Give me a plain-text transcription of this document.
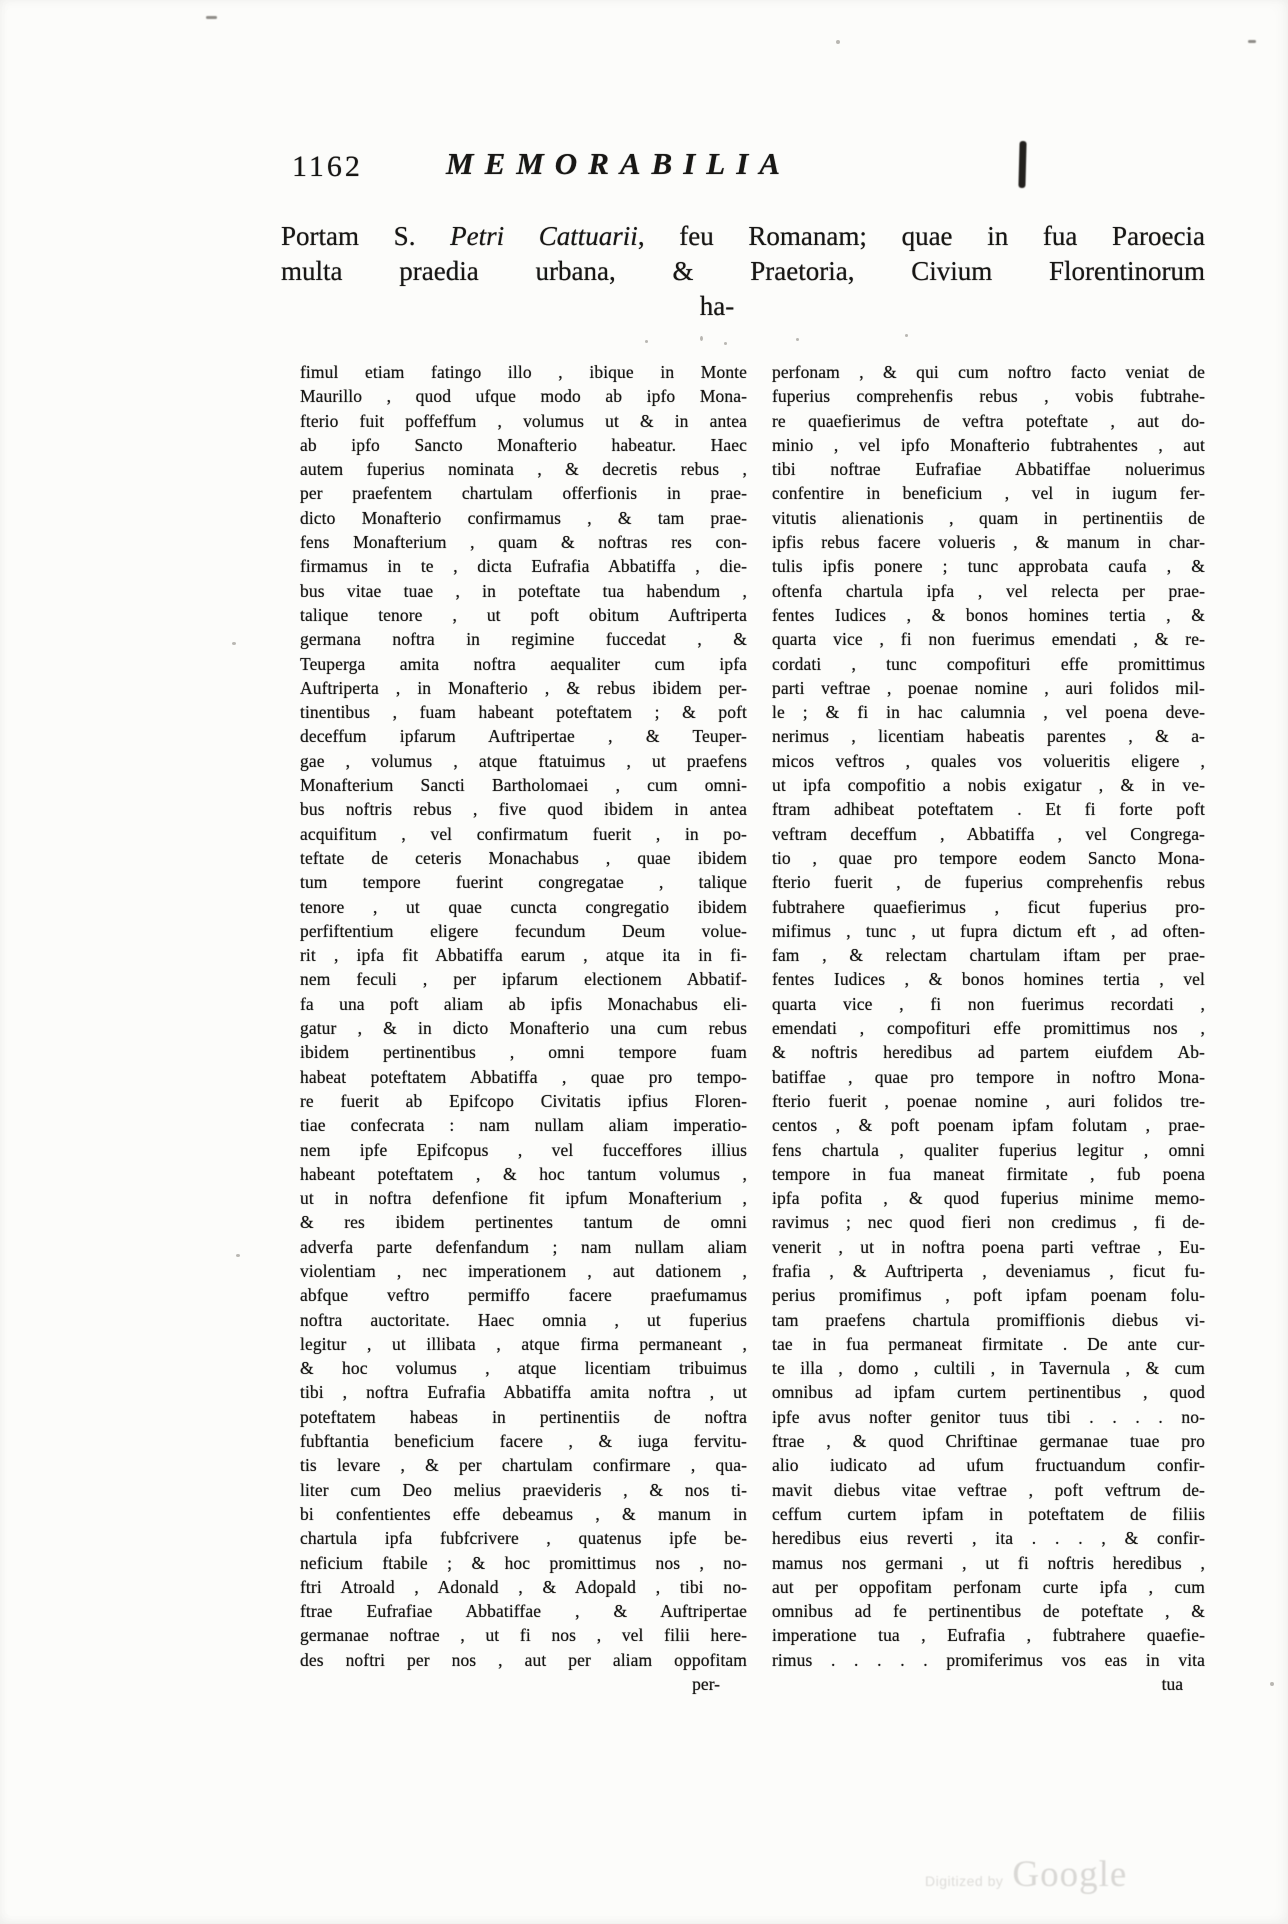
1162	MEMORABILIA
Portam S. Petri Cattuarii, feu Romanam; quae in fua Paroecia
multa praedia urbana, & Praetoria, Civium Florentinorum
ha-
fimul etiam fatingo illo , ibique in Monte
Maurillo , quod ufque modo ab ipfo Mona-
fterio fuit poffeffum , volumus ut & in antea
ab ipfo Sancto Monafterio habeatur. Haec
autem fuperius nominata , & decretis rebus ,
per praefentem chartulam offerfionis in prae-
dicto Monafterio confirmamus , & tam prae-
fens Monafterium , quam & noftras res con-
firmamus in te , dicta Eufrafia Abbatiffa , die-
bus vitae tuae , in poteftate tua habendum ,
talique tenore , ut poft obitum Auftriperta
germana noftra in regimine fuccedat , &
Teuperga amita noftra aequaliter cum ipfa
Auftriperta , in Monafterio , & rebus ibidem per-
tinentibus , fuam habeant poteftatem ; & poft
deceffum ipfarum Auftripertae , & Teuper-
gae , volumus , atque ftatuimus , ut praefens
Monafterium Sancti Bartholomaei , cum omni-
bus noftris rebus , five quod ibidem in antea
acquifitum , vel confirmatum fuerit , in po-
teftate de ceteris Monachabus , quae ibidem
tum tempore fuerint congregatae , talique
tenore , ut quae cuncta congregatio ibidem
perfiftentium eligere fecundum Deum volue-
rit , ipfa fit Abbatiffa earum , atque ita in fi-
nem feculi , per ipfarum electionem Abbatif-
fa una poft aliam ab ipfis Monachabus eli-
gatur , & in dicto Monafterio una cum rebus
ibidem pertinentibus , omni tempore fuam
habeat poteftatem Abbatiffa , quae pro tempo-
re fuerit ab Epifcopo Civitatis ipfius Floren-
tiae confecrata : nam nullam aliam imperatio-
nem ipfe Epifcopus , vel fucceffores illius
habeant poteftatem , & hoc tantum volumus ,
ut in noftra defenfione fit ipfum Monafterium ,
& res ibidem pertinentes tantum de omni
adverfa parte defenfandum ; nam nullam aliam
violentiam , nec imperationem , aut dationem ,
abfque veftro permiffo facere praefumamus
noftra auctoritate. Haec omnia , ut fuperius
legitur , ut illibata , atque firma permaneant ,
& hoc volumus , atque licentiam tribuimus
tibi , noftra Eufrafia Abbatiffa amita noftra , ut
poteftatem habeas in pertinentiis de noftra
fubftantia beneficium facere , & iuga fervitu-
tis levare , & per chartulam confirmare , qua-
liter cum Deo melius praevideris , & nos ti-
bi confentientes effe debeamus , & manum in
chartula ipfa fubfcrivere , quatenus ipfe be-
neficium ftabile ; & hoc promittimus nos , no-
ftri Atroald , Adonald , & Adopald , tibi no-
ftrae Eufrafiae Abbatiffae , & Auftripertae
germanae noftrae , ut fi nos , vel filii here-
des noftri per nos , aut per aliam oppofitam
per-
perfonam , & qui cum noftro facto veniat de
fuperius comprehenfis rebus , vobis fubtrahe-
re quaefierimus de veftra poteftate , aut do-
minio , vel ipfo Monafterio fubtrahentes , aut
tibi noftrae Eufrafiae Abbatiffae noluerimus
confentire in beneficium , vel in iugum fer-
vitutis alienationis , quam in pertinentiis de
ipfis rebus facere volueris , & manum in char-
tulis ipfis ponere ; tunc approbata caufa , &
oftenfa chartula ipfa , vel relecta per prae-
fentes Iudices , & bonos homines tertia , &
quarta vice , fi non fuerimus emendati , & re-
cordati , tunc compofituri effe promittimus
parti veftrae , poenae nomine , auri folidos mil-
le ; & fi in hac calumnia , vel poena deve-
nerimus , licentiam habeatis parentes , & a-
micos veftros , quales vos volueritis eligere ,
ut ipfa compofitio a nobis exigatur , & in ve-
ftram adhibeat poteftatem . Et fi forte poft
veftram deceffum , Abbatiffa , vel Congrega-
tio , quae pro tempore eodem Sancto Mona-
fterio fuerit , de fuperius comprehenfis rebus
fubtrahere quaefierimus , ficut fuperius pro-
mifimus , tunc , ut fupra dictum eft , ad often-
fam , & relectam chartulam iftam per prae-
fentes Iudices , & bonos homines tertia , vel
quarta vice , fi non fuerimus recordati ,
emendati , compofituri effe promittimus nos ,
& noftris heredibus ad partem eiufdem Ab-
batiffae , quae pro tempore in noftro Mona-
fterio fuerit , poenae nomine , auri folidos tre-
centos , & poft poenam ipfam folutam , prae-
fens chartula , qualiter fuperius legitur , omni
tempore in fua maneat firmitate , fub poena
ipfa pofita , & quod fuperius minime memo-
ravimus ; nec quod fieri non credimus , fi de-
venerit , ut in noftra poena parti veftrae , Eu-
frafia , & Auftriperta , deveniamus , ficut fu-
perius promifimus , poft ipfam poenam folu-
tam praefens chartula promiffionis diebus vi-
tae in fua permaneat firmitate . De ante cur-
te illa , domo , cultili , in Tavernula , & cum
omnibus ad ipfam curtem pertinentibus , quod
ipfe avus nofter genitor tuus tibi . . . . no-
ftrae , & quod Chriftinae germanae tuae pro
alio iudicato ad ufum fructuandum confir-
mavit diebus vitae veftrae , poft veftrum de-
ceffum curtem ipfam in poteftatem de filiis
heredibus eius reverti , ita . . . , & confir-
mamus nos germani , ut fi noftris heredibus ,
aut per oppofitam perfonam curte ipfa , cum
omnibus ad fe pertinentibus de poteftate , &
imperatione tua , Eufrafia , fubtrahere quaefie-
rimus . . . . . promiferimus vos eas in vita
tua
Digitized by Google
